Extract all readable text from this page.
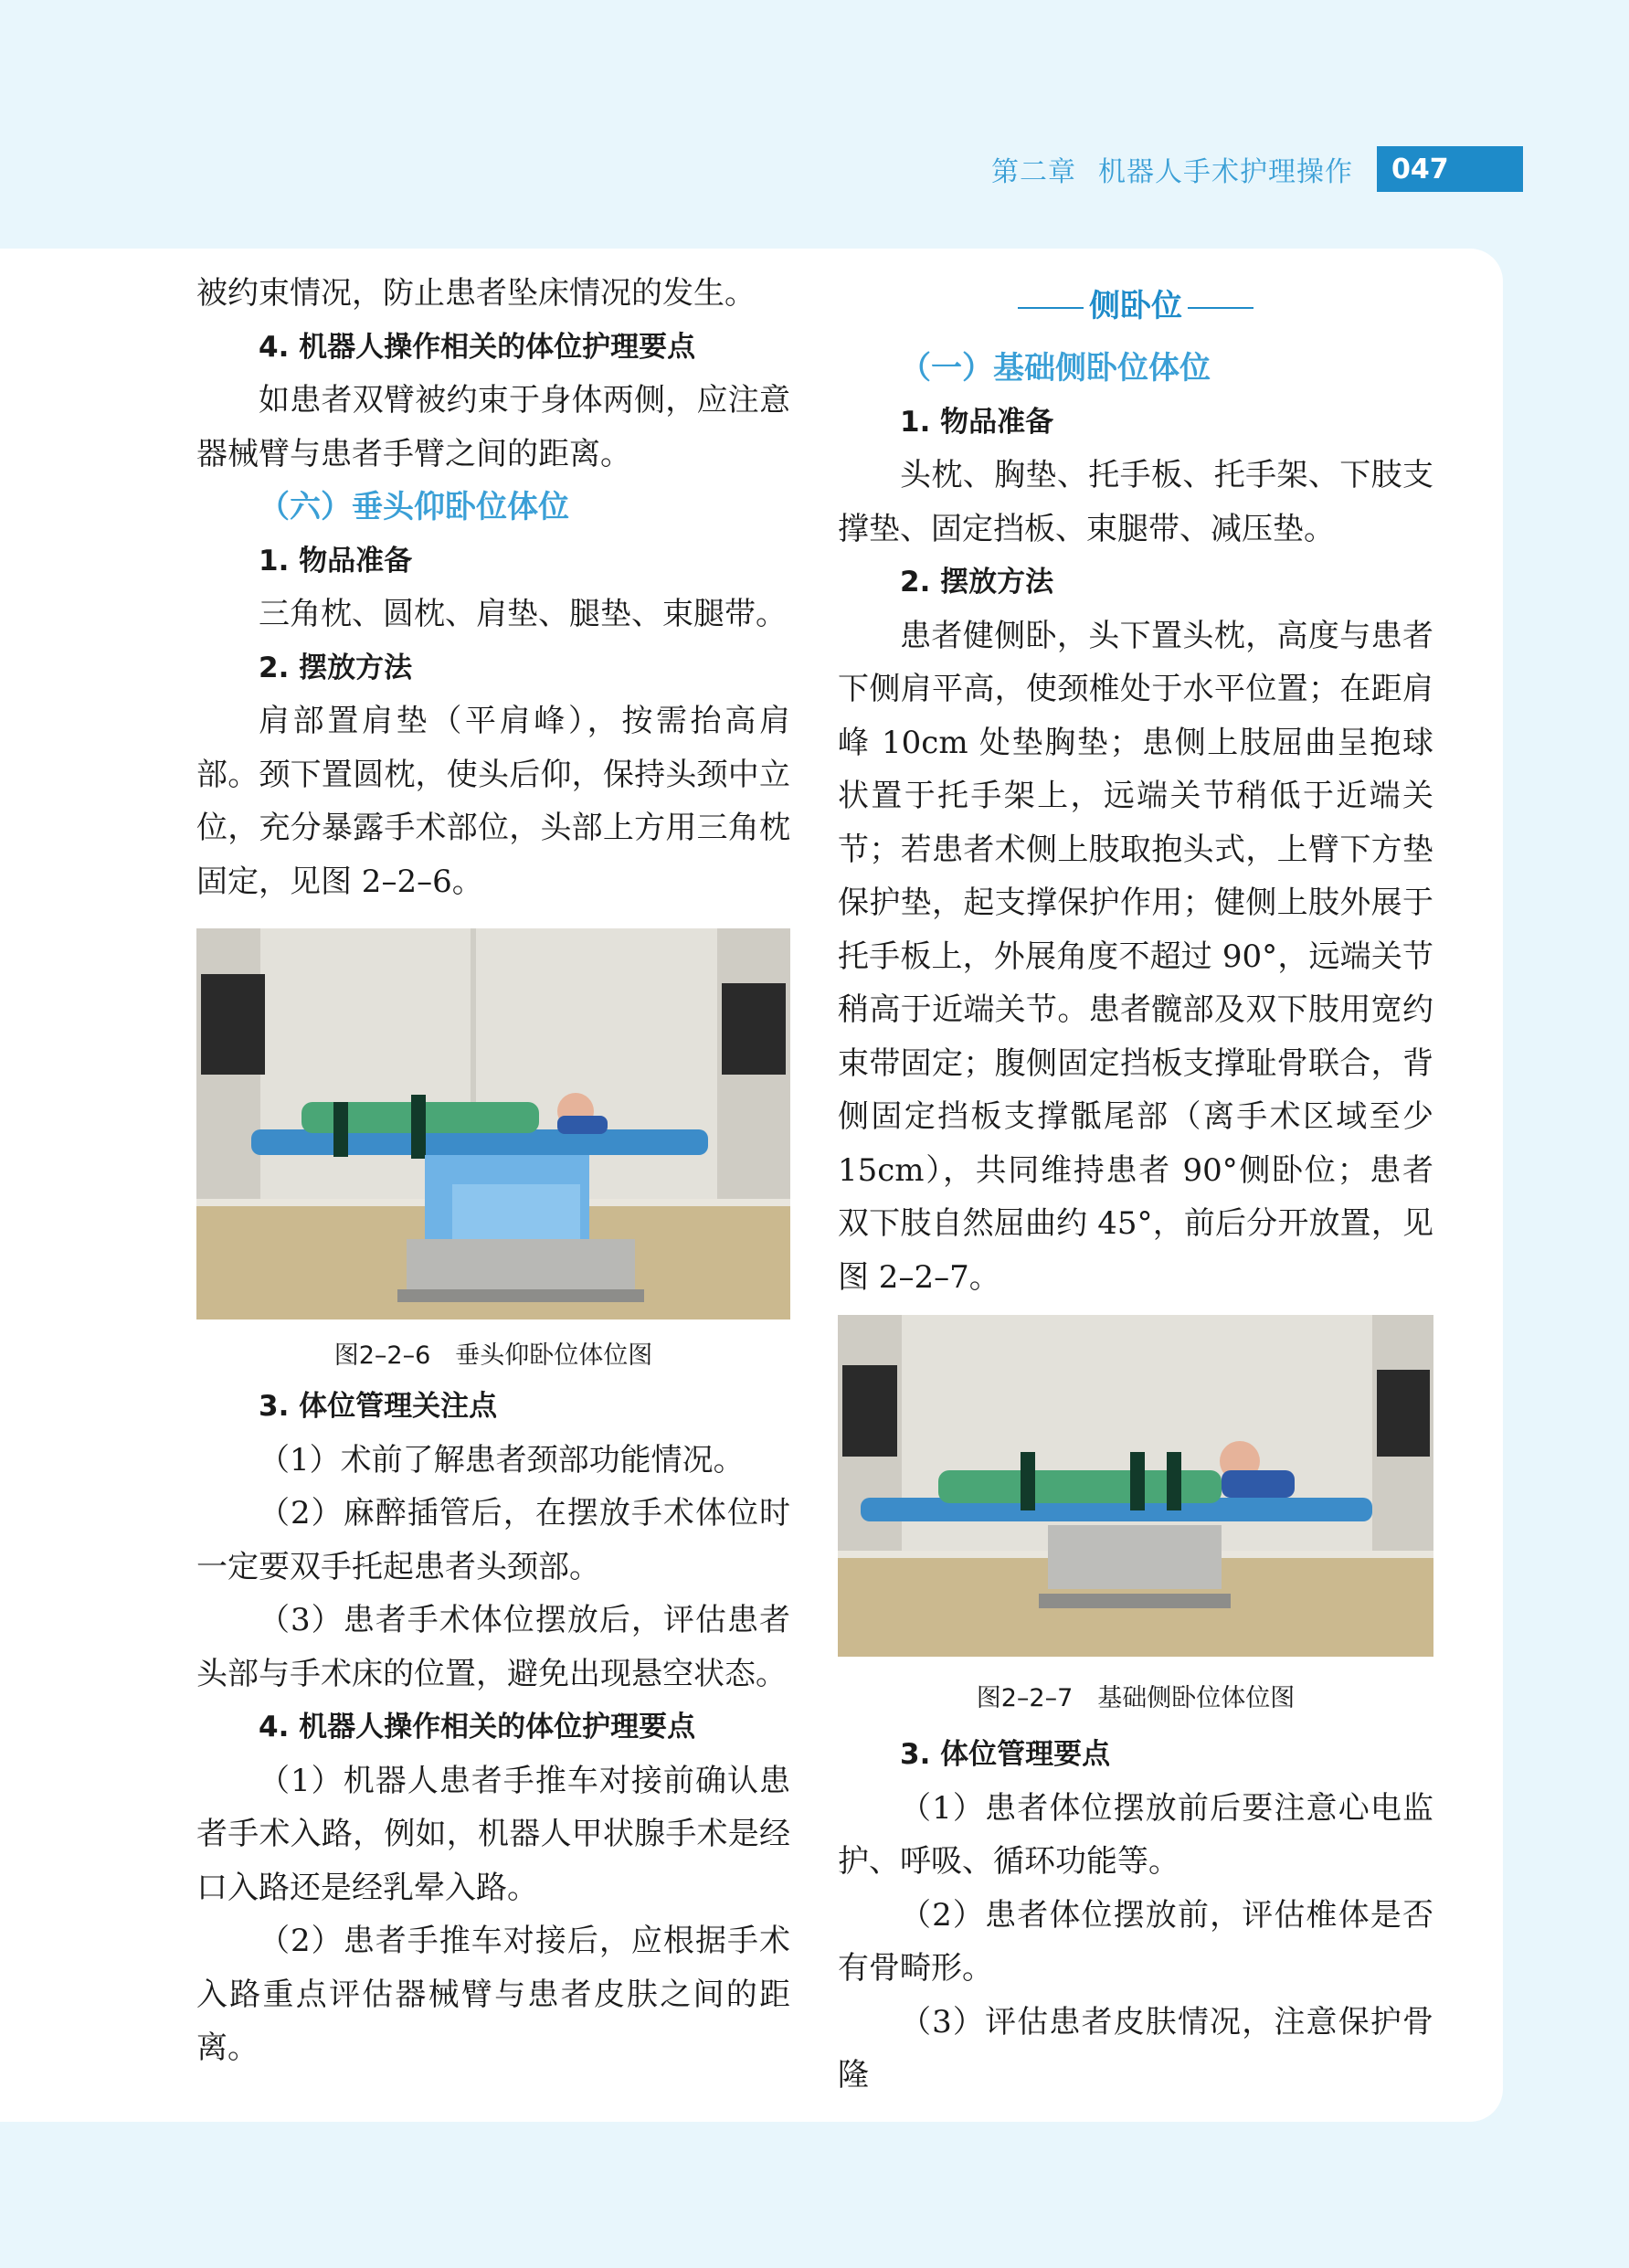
第二章 机器人手术护理操作	047

被约束情况，防止患者坠床情况的发生。

4. 机器人操作相关的体位护理要点

如患者双臂被约束于身体两侧，应注意器械臂与患者手臂之间的距离。

（六）垂头仰卧位体位

1. 物品准备

三角枕、圆枕、肩垫、腿垫、束腿带。

2. 摆放方法

肩部置肩垫（平肩峰），按需抬高肩部。颈下置圆枕，使头后仰，保持头颈中立位，充分暴露手术部位，头部上方用三角枕固定，见图 2–2–6。

图2–2–6　垂头仰卧位体位图

3. 体位管理关注点

（1）术前了解患者颈部功能情况。

（2）麻醉插管后，在摆放手术体位时一定要双手托起患者头颈部。

（3）患者手术体位摆放后，评估患者头部与手术床的位置，避免出现悬空状态。

4. 机器人操作相关的体位护理要点

（1）机器人患者手推车对接前确认患者手术入路，例如，机器人甲状腺手术是经口入路还是经乳晕入路。

（2）患者手推车对接后，应根据手术入路重点评估器械臂与患者皮肤之间的距离。

侧卧位

（一）基础侧卧位体位

1. 物品准备

头枕、胸垫、托手板、托手架、下肢支撑垫、固定挡板、束腿带、减压垫。

2. 摆放方法

患者健侧卧，头下置头枕，高度与患者下侧肩平高，使颈椎处于水平位置；在距肩峰 10cm 处垫胸垫；患侧上肢屈曲呈抱球状置于托手架上，远端关节稍低于近端关节；若患者术侧上肢取抱头式，上臂下方垫保护垫，起支撑保护作用；健侧上肢外展于托手板上，外展角度不超过 90°，远端关节稍高于近端关节。患者髋部及双下肢用宽约束带固定；腹侧固定挡板支撑耻骨联合，背侧固定挡板支撑骶尾部（离手术区域至少 15cm），共同维持患者 90°侧卧位；患者双下肢自然屈曲约 45°，前后分开放置，见图 2–2–7。

图2–2–7　基础侧卧位体位图

3. 体位管理要点

（1）患者体位摆放前后要注意心电监护、呼吸、循环功能等。

（2）患者体位摆放前，评估椎体是否有骨畸形。

（3）评估患者皮肤情况，注意保护骨隆
